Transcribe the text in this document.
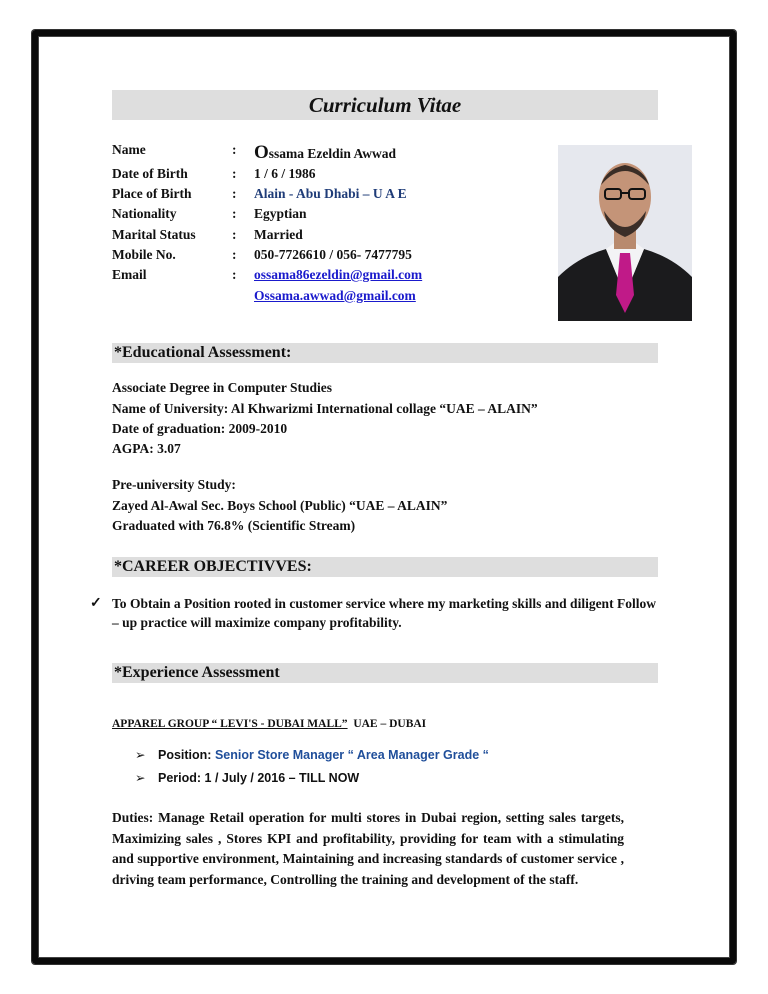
Curriculum Vitae
Name	: Ossama Ezeldin Awwad
Date of Birth	: 1 / 6 / 1986
Place of Birth	: Alain - Abu Dhabi – U A E
Nationality	: Egyptian
Marital Status	: Married
Mobile No.	: 050-7726610 / 056- 7477795
Email	: ossama86ezeldin@gmail.com
Ossama.awwad@gmail.com
*Educational Assessment:
Associate Degree in Computer Studies
Name of University: Al Khwarizmi International collage “UAE – ALAIN”
Date of graduation: 2009-2010
AGPA: 3.07
Pre-university Study:
Zayed Al-Awal Sec. Boys School (Public) “UAE – ALAIN”
Graduated with 76.8% (Scientific Stream)
*CAREER OBJECTIVVES:
✓ To Obtain a Position rooted in customer service where my marketing skills and diligent Follow – up practice will maximize company profitability.
*Experience Assessment
APPAREL GROUP “ LEVI'S - DUBAI MALL” UAE – DUBAI
➢ Position: Senior Store Manager “ Area Manager Grade “
➢ Period: 1 / July / 2016 – TILL NOW
Duties: Manage Retail operation for multi stores in Dubai region, setting sales targets, Maximizing sales , Stores KPI and profitability, providing for team with a stimulating and supportive environment, Maintaining and increasing standards of customer service , driving team performance, Controlling the training and development of the staff.
